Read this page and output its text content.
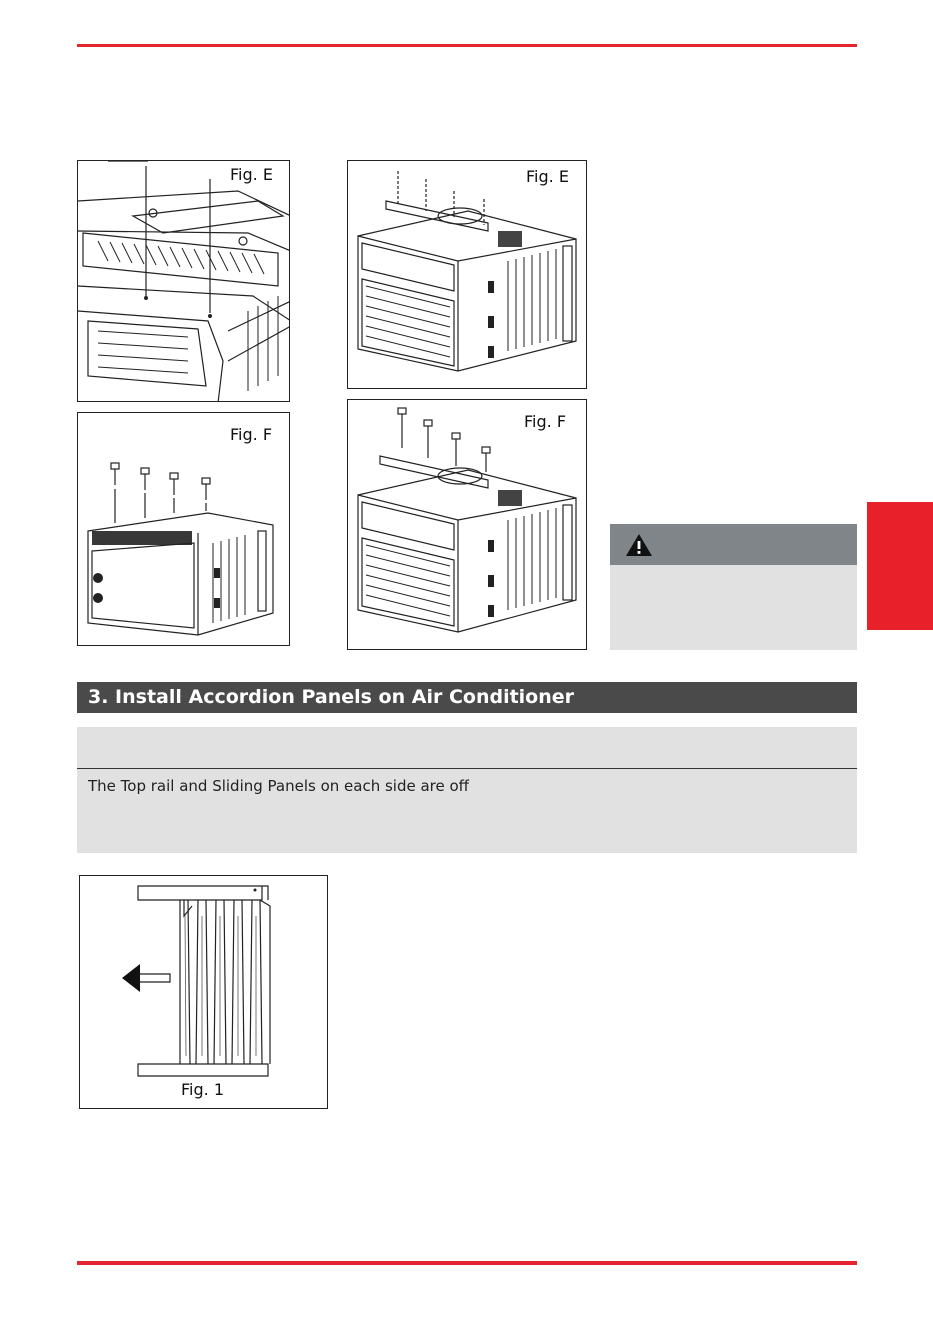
Fig. E	Fig. E
Fig. F
Fig. F
3. Install Accordion Panels on Air Conditioner
The Top rail and Sliding Panels on each side are off
Fig. 1
